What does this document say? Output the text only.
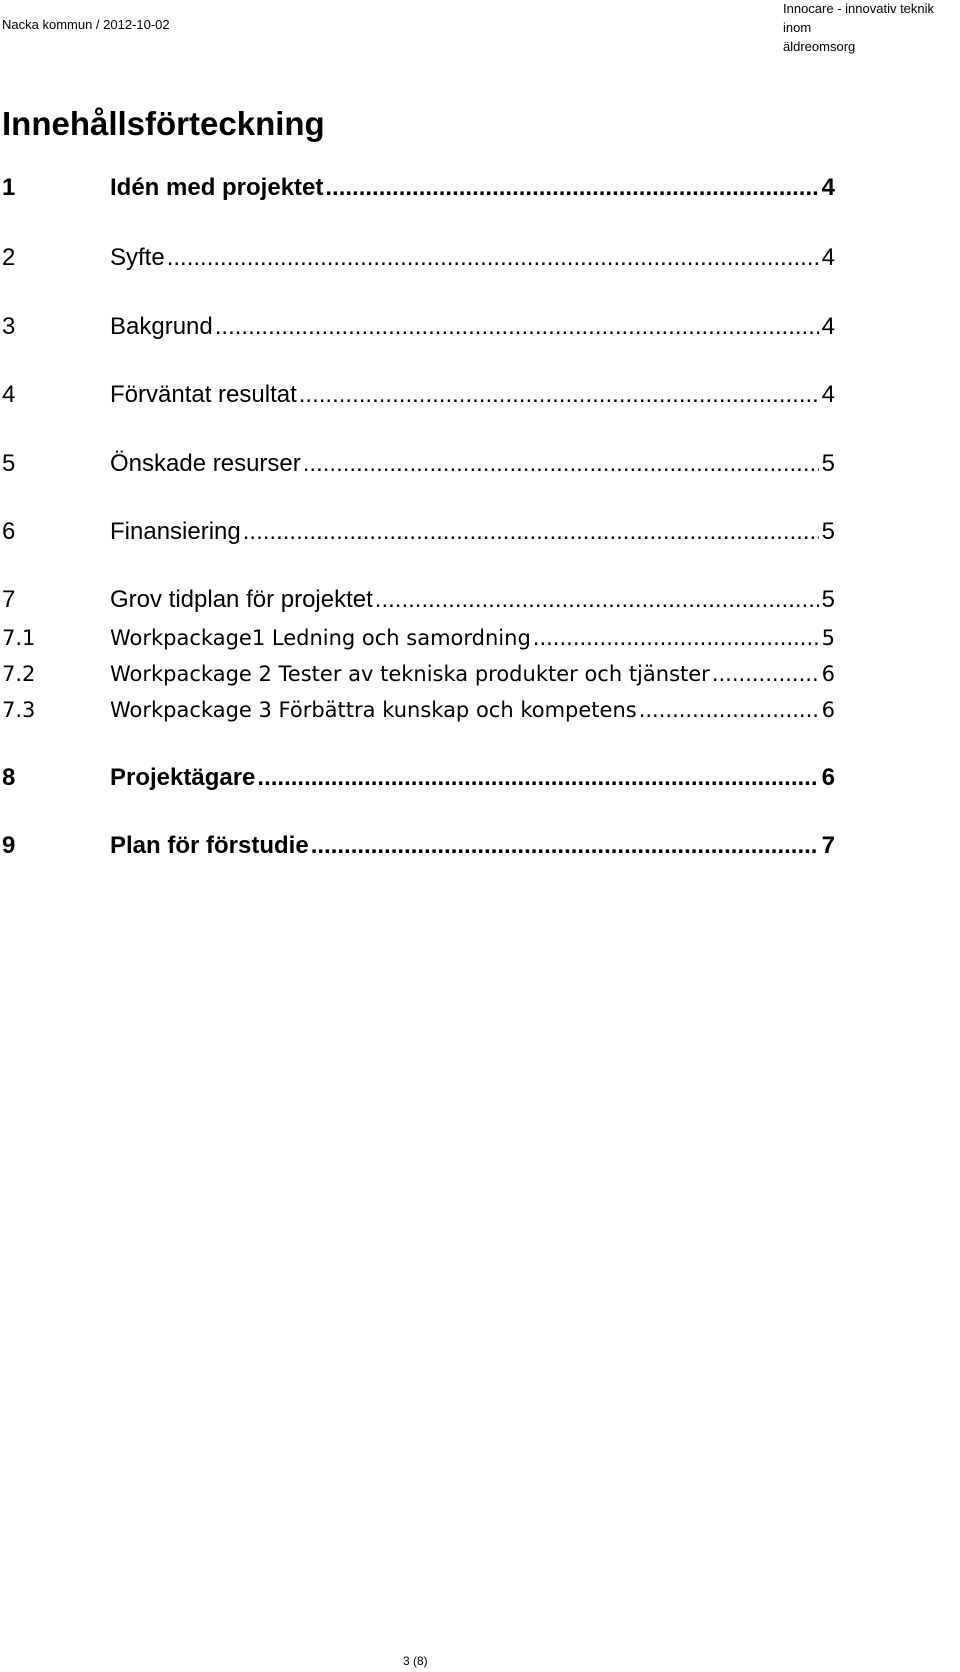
Nacka kommun / 2012-10-02
Innocare - innovativ teknik inom
äldreomsorg
Innehållsförteckning
1	Idén med projektet .....	4
2	Syfte .....	4
3	Bakgrund .....	4
4	Förväntat resultat .....	4
5	Önskade resurser .....	5
6	Finansiering .....	5
7	Grov tidplan för projektet .....	5
7.1	Workpackage1 Ledning och samordning .....	5
7.2	Workpackage 2 Tester av tekniska produkter och tjänster .....	6
7.3	Workpackage 3 Förbättra kunskap och kompetens .....	6
8	Projektägare .....	6
9	Plan för förstudie .....	7
3 (8)
